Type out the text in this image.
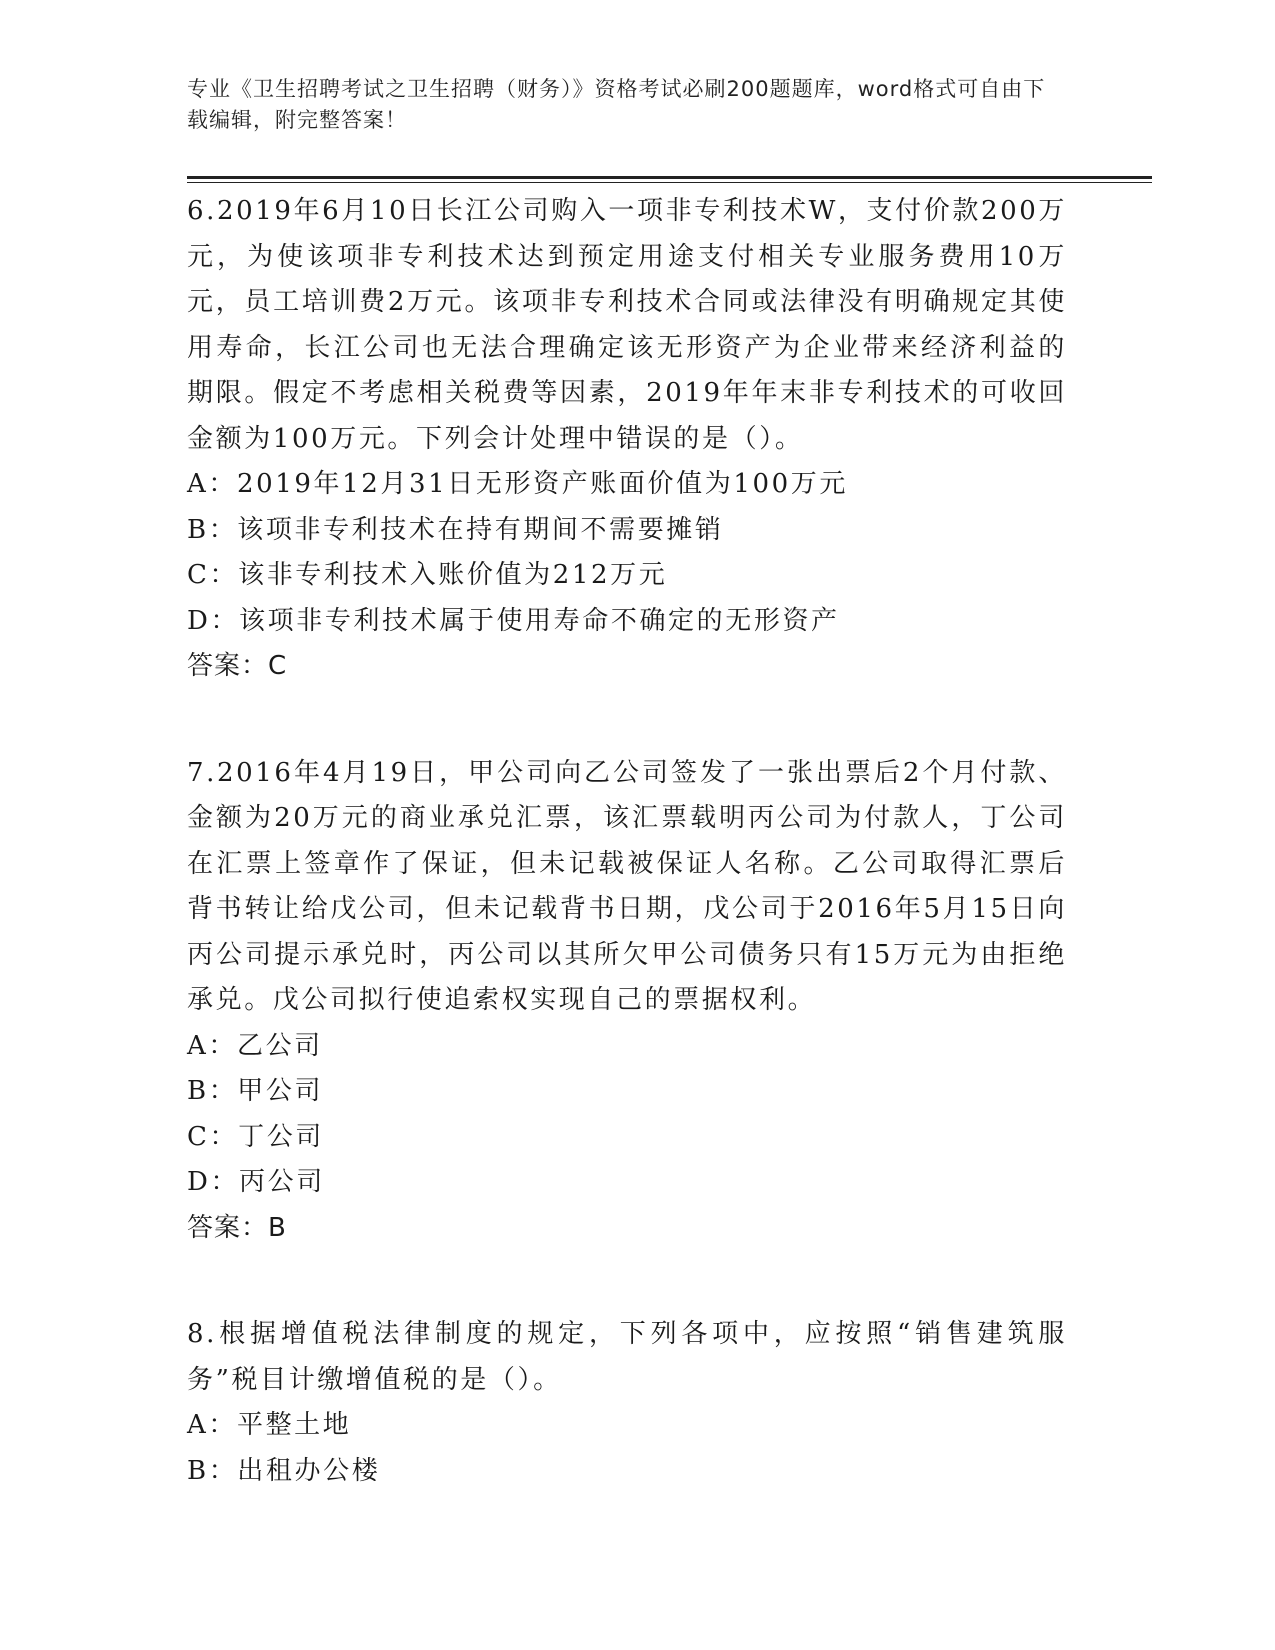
专业《卫生招聘考试之卫生招聘（财务）》资格考试必刷200题题库，word格式可自由下载编辑，附完整答案！

6.2019年6月10日长江公司购入一项非专利技术W，支付价款200万元，为使该项非专利技术达到预定用途支付相关专业服务费用10万元，员工培训费2万元。该项非专利技术合同或法律没有明确规定其使用寿命，长江公司也无法合理确定该无形资产为企业带来经济利益的期限。假定不考虑相关税费等因素，2019年年末非专利技术的可收回金额为100万元。下列会计处理中错误的是（）。

A：2019年12月31日无形资产账面价值为100万元

B：该项非专利技术在持有期间不需要摊销

C：该非专利技术入账价值为212万元

D：该项非专利技术属于使用寿命不确定的无形资产

答案：C

7.2016年4月19日，甲公司向乙公司签发了一张出票后2个月付款、金额为20万元的商业承兑汇票，该汇票载明丙公司为付款人，丁公司在汇票上签章作了保证，但未记载被保证人名称。乙公司取得汇票后背书转让给戊公司，但未记载背书日期，戊公司于2016年5月15日向丙公司提示承兑时，丙公司以其所欠甲公司债务只有15万元为由拒绝承兑。戊公司拟行使追索权实现自己的票据权利。

A：乙公司

B：甲公司

C：丁公司

D：丙公司

答案：B

8.根据增值税法律制度的规定，下列各项中，应按照“销售建筑服务”税目计缴增值税的是（）。

A：平整土地

B：出租办公楼
